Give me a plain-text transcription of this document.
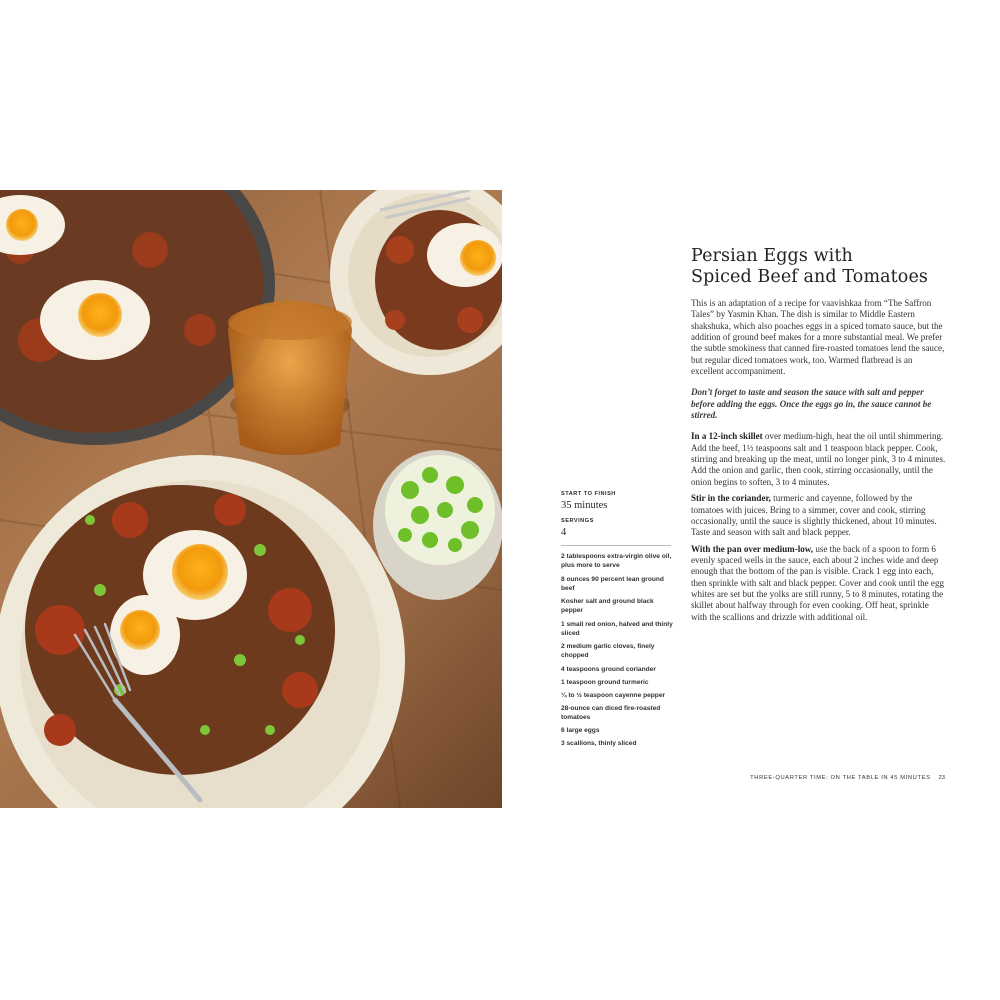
Persian Eggs with
Spiced Beef and Tomatoes

This is an adaptation of a recipe for vaavishkaa from “The Saffron Tales” by Yasmin Khan. The dish is similar to Middle Eastern shakshuka, which also poaches eggs in a spiced tomato sauce, but the addition of ground beef makes for a more substantial meal. We prefer the subtle smokiness that canned fire-roasted tomatoes lend the sauce, but regular diced tomatoes work, too. Warmed flatbread is an excellent accompaniment.

Don’t forget to taste and season the sauce with salt and pepper before adding the eggs. Once the eggs go in, the sauce cannot be stirred.

In a 12-inch skillet over medium-high, heat the oil until shimmering. Add the beef, 1½ teaspoons salt and 1 teaspoon black pepper. Cook, stirring and breaking up the meat, until no longer pink, 3 to 4 minutes. Add the onion and garlic, then cook, stirring occasionally, until the onion begins to soften, 3 to 4 minutes.

Stir in the coriander, turmeric and cayenne, followed by the tomatoes with juices. Bring to a simmer, cover and cook, stirring occasionally, until the sauce is slightly thickened, about 10 minutes. Taste and season with salt and black pepper.

With the pan over medium-low, use the back of a spoon to form 6 evenly spaced wells in the sauce, each about 2 inches wide and deep enough that the bottom of the pan is visible. Crack 1 egg into each, then sprinkle with salt and black pepper. Cover and cook until the egg whites are set but the yolks are still runny, 5 to 8 minutes, rotating the skillet about halfway through for even cooking. Off heat, sprinkle with the scallions and drizzle with additional oil.

START TO FINISH
35 minutes
SERVINGS
4
2 tablespoons extra-virgin olive oil, plus more to serve
8 ounces 90 percent lean ground beef
Kosher salt and ground black pepper
1 small red onion, halved and thinly sliced
2 medium garlic cloves, finely chopped
4 teaspoons ground coriander
1 teaspoon ground turmeric
¼ to ½ teaspoon cayenne pepper
28-ounce can diced fire-roasted tomatoes
6 large eggs
3 scallions, thinly sliced
THREE-QUARTER TIME: ON THE TABLE IN 45 MINUTES 23
